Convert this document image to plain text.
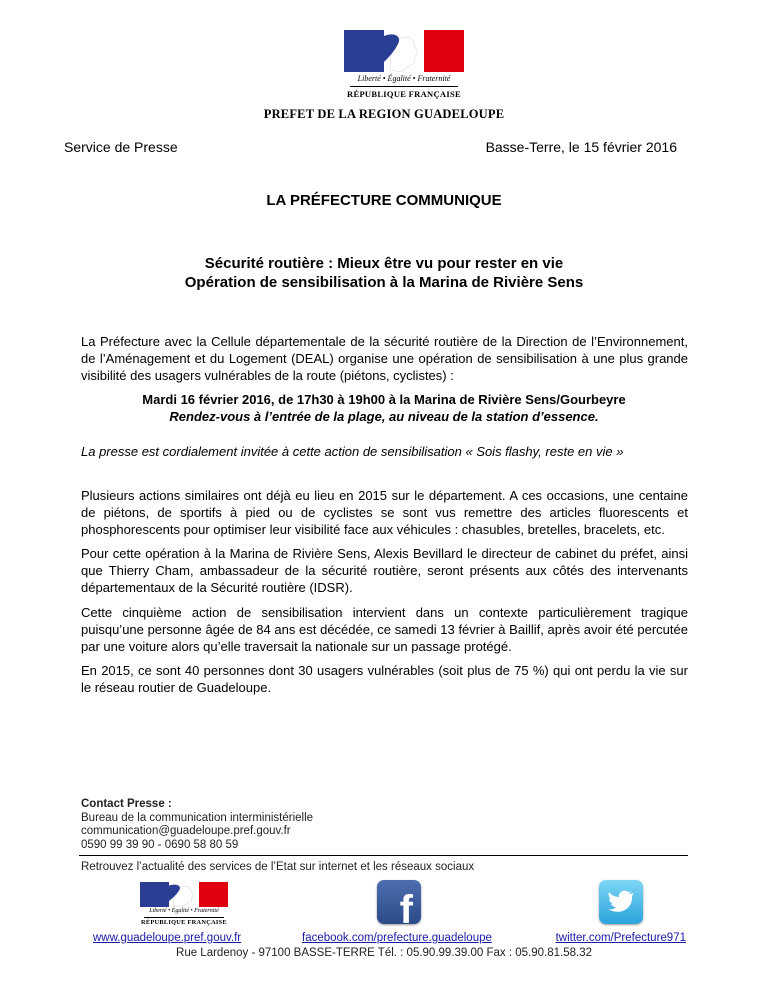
Liberté • Égalité • Fraternité
RÉPUBLIQUE FRANÇAISE
PREFET DE LA REGION GUADELOUPE
Service de Presse	Basse-Terre, le 15 février 2016
LA PRÉFECTURE COMMUNIQUE
Sécurité routière : Mieux être vu pour rester en vie
Opération de sensibilisation à la Marina de Rivière Sens
La Préfecture avec la Cellule départementale de la sécurité routière de la Direction de l’Environnement, de l’Aménagement et du Logement (DEAL) organise une opération de sensibilisation à une plus grande visibilité des usagers vulnérables de la route (piétons, cyclistes) :
Mardi 16 février 2016, de 17h30 à 19h00 à la Marina de Rivière Sens/Gourbeyre
Rendez-vous à l’entrée de la plage, au niveau de la station d’essence.
La presse est cordialement invitée à cette action de sensibilisation « Sois flashy, reste en vie »
Plusieurs actions similaires ont déjà eu lieu en 2015 sur le département. A ces occasions, une centaine de piétons, de sportifs à pied ou de cyclistes se sont vus remettre des articles fluorescents et phosphorescents pour optimiser leur visibilité face aux véhicules : chasubles, bretelles, bracelets, etc.
Pour cette opération à la Marina de Rivière Sens, Alexis Bevillard le directeur de cabinet du préfet, ainsi que Thierry Cham, ambassadeur de la sécurité routière, seront présents aux côtés des intervenants départementaux de la Sécurité routière (IDSR).
Cette cinquième action de sensibilisation intervient dans un contexte particulièrement tragique puisqu’une personne âgée de 84 ans est décédée, ce samedi 13 février à Baillif, après avoir été percutée par une voiture alors qu’elle traversait la nationale sur un passage protégé.
En 2015, ce sont 40 personnes dont 30 usagers vulnérables (soit plus de 75 %) qui ont perdu la vie sur le réseau routier de Guadeloupe.
Contact Presse :
Bureau de la communication interministérielle
communication@guadeloupe.pref.gouv.fr
0590 99 39 90 - 0690 58 80 59
Retrouvez l’actualité des services de l’Etat sur internet et les réseaux sociaux
Liberté • Égalité • Fraternité
RÉPUBLIQUE FRANÇAISE	f
www.guadeloupe.pref.gouv.fr	facebook.com/prefecture.guadeloupe	twitter.com/Prefecture971
Rue Lardenoy - 97100 BASSE-TERRE Tél. : 05.90.99.39.00 Fax : 05.90.81.58.32
